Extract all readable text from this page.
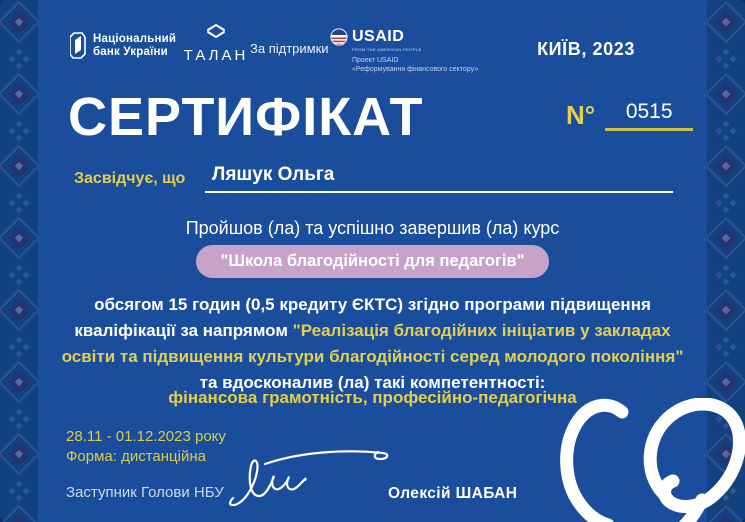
Національний
банк України	ТАЛАН За підтримки
USAID
FROM THE AMERICAN PEOPLE
Проект USAID
«Реформування фінансового сектору»
КИЇВ, 2023
СЕРТИФІКАТ	N°	0515
Засвідчує, що Ляшук Ольга
Пройшов (ла) та успішно завершив (ла) курс
"Школа благодійності для педагогів"
обсягом 15 годин (0,5 кредиту ЄКТС) згідно програми підвищення кваліфікації за напрямом "Реалізація благодійних ініціатив у закладах освіти та підвищення культури благодійності серед молодого покоління"
та вдосконалив (ла) такі компетентності:
фінансова грамотність, професійно-педагогічна
28.11 - 01.12.2023 року
Форма: дистанційна
Заступник Голови НБУ	Олексій ШАБАН
